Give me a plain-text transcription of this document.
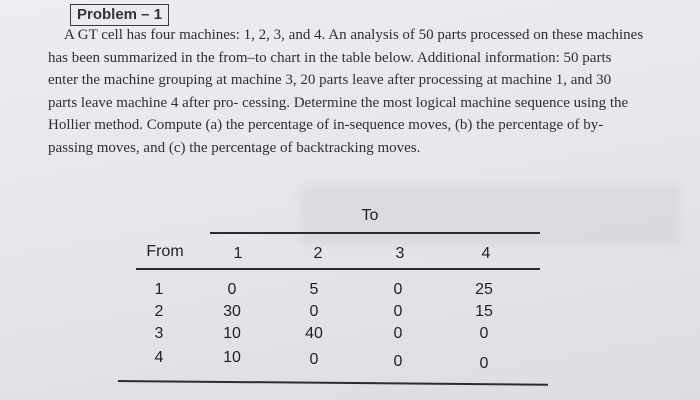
Problem – 1
A GT cell has four machines: 1, 2, 3, and 4. An analysis of 50 parts processed on these machines
has been summarized in the from–to chart in the table below. Additional information: 50 parts
enter the machine grouping at machine 3, 20 parts leave after processing at machine 1, and 30
parts leave machine 4 after pro- cessing. Determine the most logical machine sequence using the
Hollier method. Compute (a) the percentage of in-sequence moves, (b) the percentage of by-
passing moves, and (c) the percentage of backtracking moves.
To
From	1	2	3	4
1	0	5	0	25
2	30	0	0	15
3	10	40	0	0
4	10	0	0	0
